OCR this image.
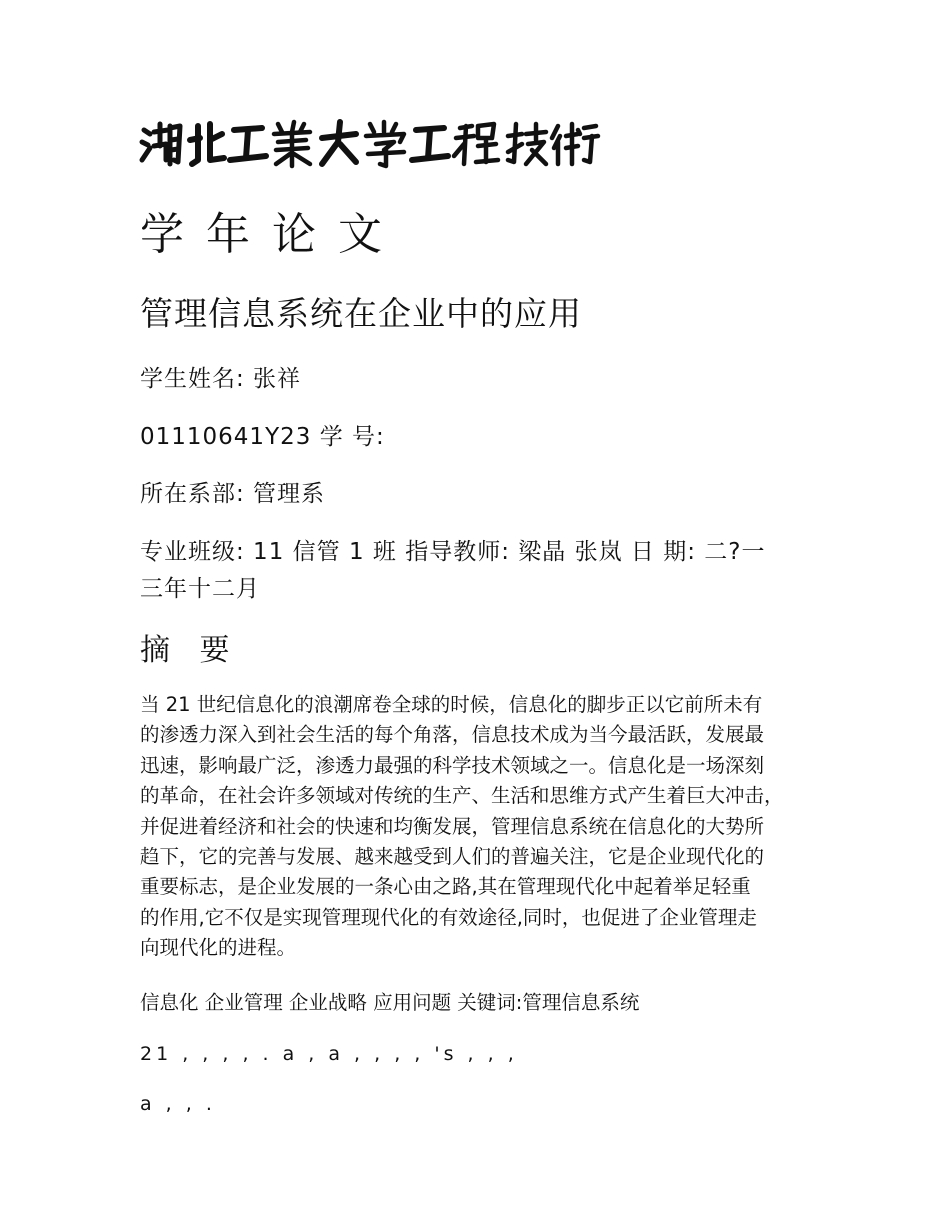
学年论文
管理信息系统在企业中的应用
学生姓名: 张祥
01110641Y23 学 号:
所在系部: 管理系
专业班级: 11 信管 1 班 指导教师: 梁晶 张岚 日 期: 二?一
三年十二月
摘 要
当 21 世纪信息化的浪潮席卷全球的时候，信息化的脚步正以它前所未有
的渗透力深入到社会生活的每个角落，信息技术成为当今最活跃，发展最
迅速，影响最广泛，渗透力最强的科学技术领域之一。信息化是一场深刻
的革命，在社会许多领域对传统的生产、生活和思维方式产生着巨大冲击，
并促进着经济和社会的快速和均衡发展，管理信息系统在信息化的大势所
趋下，它的完善与发展、越来越受到人们的普遍关注，它是企业现代化的
重要标志，是企业发展的一条心由之路,其在管理现代化中起着举足轻重
的作用,它不仅是实现管理现代化的有效途径,同时，也促进了企业管理走
向现代化的进程。
信息化 企业管理 企业战略 应用问题 关键词:管理信息系统
21 , , , , . a , a , , , , 's , , ,
a , , .
